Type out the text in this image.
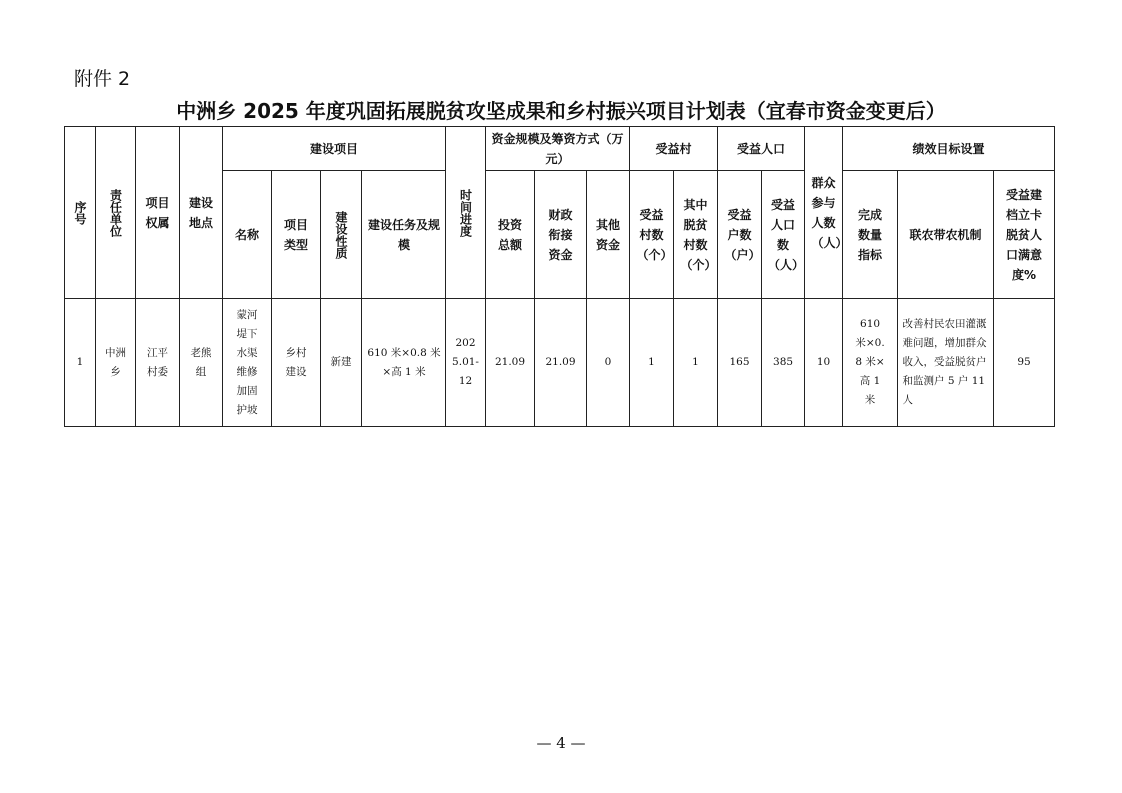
附件 2
中洲乡 2025 年度巩固拓展脱贫攻坚成果和乡村振兴项目计划表（宜春市资金变更后）
序号	责任单位	项目权属	建设地点	建设项目				时间进度	资金规模及筹资方式（万元）			受益村		受益人口		群众参与人数（人）	绩效目标设置		
				名称	项目类型	建设性质	建设任务及规模		投资总额	财政衔接资金	其他资金	受益村数（个）	其中脱贫村数（个）	受益户数（户）	受益人口数（人）		完成数量指标	联农带农机制	受益建档立卡脱贫人口满意度%
1	中洲乡	江平村委	老熊组	蒙河堤下水渠维修加固护坡	乡村建设	新建	610 米×0.8 米×高 1 米	2025.01-12	21.09	21.09	0	1	1	165	385	10	610 米×0.8 米×高 1 米	改善村民农田灌溉难问题，增加群众收入，受益脱贫户和监测户 5 户 11 人	95
— 4 —
